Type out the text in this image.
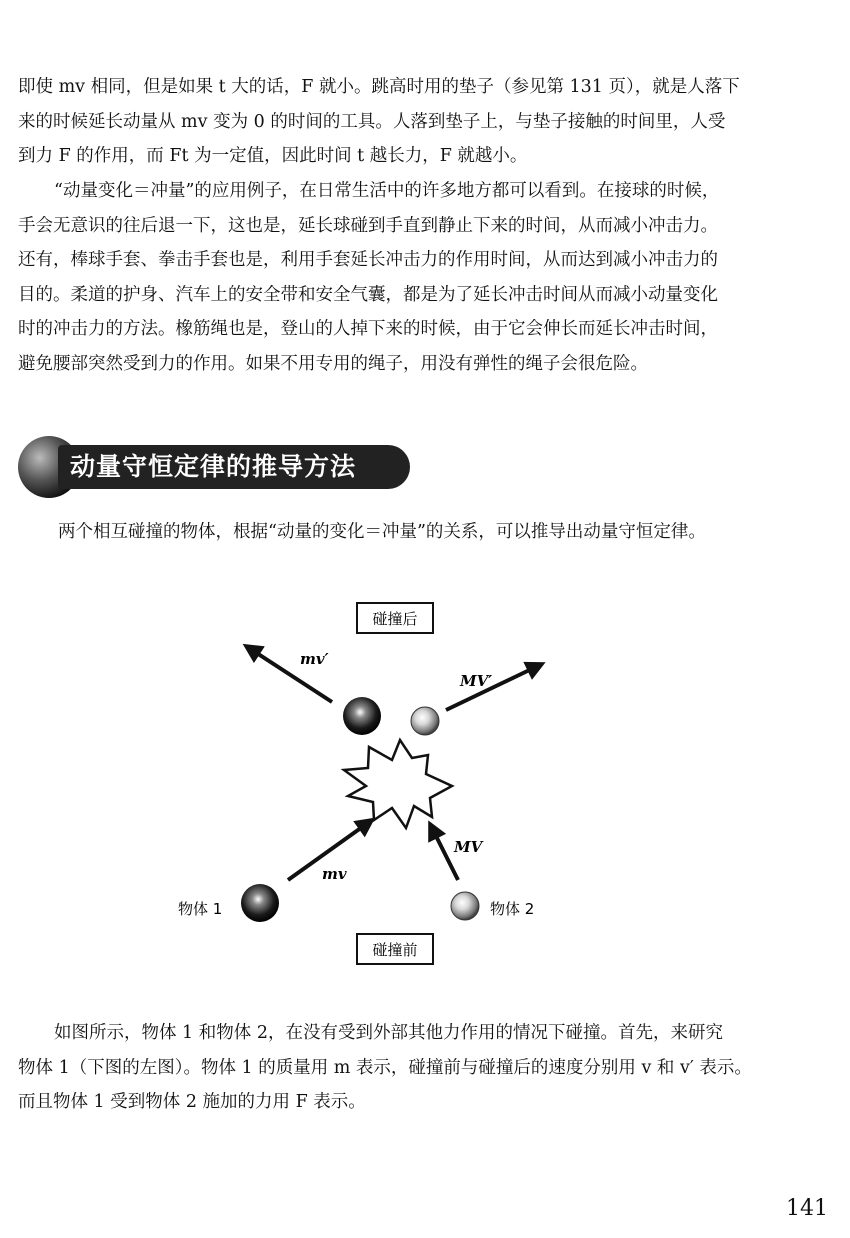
即使 mv 相同，但是如果 t 大的话，F 就小。跳高时用的垫子（参见第 131 页），就是人落下
来的时候延长动量从 mv 变为 0 的时间的工具。人落到垫子上，与垫子接触的时间里，人受
到力 F 的作用，而 Ft 为一定值，因此时间 t 越长力，F 就越小。
“动量变化＝冲量”的应用例子，在日常生活中的许多地方都可以看到。在接球的时候，
手会无意识的往后退一下，这也是，延长球碰到手直到静止下来的时间，从而减小冲击力。
还有，棒球手套、拳击手套也是，利用手套延长冲击力的作用时间，从而达到减小冲击力的
目的。柔道的护身、汽车上的安全带和安全气囊，都是为了延长冲击时间从而减小动量变化
时的冲击力的方法。橡筋绳也是，登山的人掉下来的时候，由于它会伸长而延长冲击时间，
避免腰部突然受到力的作用。如果不用专用的绳子，用没有弹性的绳子会很危险。
动量守恒定律的推导方法
两个相互碰撞的物体，根据“动量的变化＝冲量”的关系，可以推导出动量守恒定律。
碰撞后
mv′
MV′
mv
MV
物体 1	物体 2
碰撞前
如图所示，物体 1 和物体 2，在没有受到外部其他力作用的情况下碰撞。首先，来研究
物体 1（下图的左图）。物体 1 的质量用 m 表示，碰撞前与碰撞后的速度分别用 v 和 v′ 表示。
而且物体 1 受到物体 2 施加的力用 F 表示。
141
